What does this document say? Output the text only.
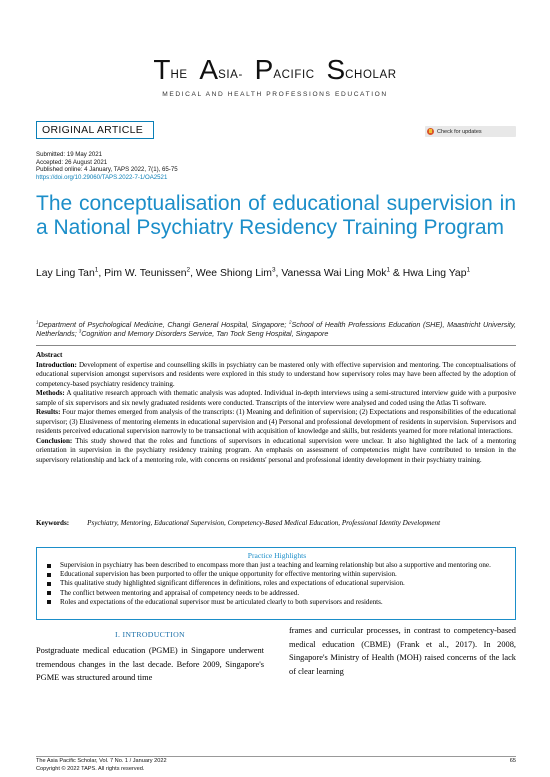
THE ASIA- PACIFIC SCHOLAR
MEDICAL AND HEALTH PROFESSIONS EDUCATION
ORIGINAL ARTICLE	Check for updates
Submitted: 19 May 2021
Accepted: 26 August 2021
Published online: 4 January, TAPS 2022, 7(1), 65-75
https://doi.org/10.29060/TAPS.2022-7-1/OA2521
The conceptualisation of educational supervision in a National Psychiatry Residency Training Program
Lay Ling Tan$^1$, Pim W. Teunissen$^2$, Wee Shiong Lim$^3$, Vanessa Wai Ling Mok$^1$ & Hwa Ling Yap$^1$
$^1$Department of Psychological Medicine, Changi General Hospital, Singapore; $^2$School of Health Professions Education (SHE), Maastricht University, Netherlands; $^3$Cognition and Memory Disorders Service, Tan Tock Seng Hospital, Singapore

Abstract

Introduction: Development of expertise and counselling skills in psychiatry can be mastered only with effective supervision and mentoring. The conceptualisations of educational supervision amongst supervisors and residents were explored in this study to understand how supervisory roles may have been affected by the adoption of competency-based psychiatry residency training.

Methods: A qualitative research approach with thematic analysis was adopted. Individual in-depth interviews using a semi-structured interview guide with a purposive sample of six supervisors and six newly graduated residents were conducted. Transcripts of the interview were analysed and coded using the Atlas Ti software.

Results: Four major themes emerged from analysis of the transcripts: (1) Meaning and definition of supervision; (2) Expectations and responsibilities of the educational supervisor; (3) Elusiveness of mentoring elements in educational supervision and (4) Personal and professional development of residents in supervision. Supervisors and residents perceived educational supervision narrowly to be transactional with acquisition of knowledge and skills, but residents yearned for more relational interactions.

Conclusion: This study showed that the roles and functions of supervisors in educational supervision were unclear. It also highlighted the lack of a mentoring orientation in supervision in the psychiatry residency training program. An emphasis on assessment of competencies might have contributed to tension in the supervisory relationship and lack of a mentoring role, with concerns on residents' personal and professional identity development in their psychiatry training.

Keywords:	Psychiatry, Mentoring, Educational Supervision, Competency-Based Medical Education, Professional Identity Development
Practice Highlights
Supervision in psychiatry has been described to encompass more than just a teaching and learning relationship but also a supportive and mentoring one.
Educational supervision has been purported to offer the unique opportunity for effective mentoring within supervision.
This qualitative study highlighted significant differences in definitions, roles and expectations of educational supervision.
The conflict between mentoring and appraisal of competency needs to be addressed.
Roles and expectations of the educational supervisor must be articulated clearly to both supervisors and residents.
I. INTRODUCTION
Postgraduate medical education (PGME) in Singapore underwent tremendous changes in the last decade. Before 2009, Singapore's PGME was structured around time
frames and curricular processes, in contrast to competency-based medical education (CBME) (Frank et al., 2017). In 2008, Singapore's Ministry of Health (MOH) raised concerns of the lack of clear learning
The Asia Pacific Scholar, Vol. 7 No. 1 / January 2022
Copyright © 2022 TAPS. All rights reserved.
65
